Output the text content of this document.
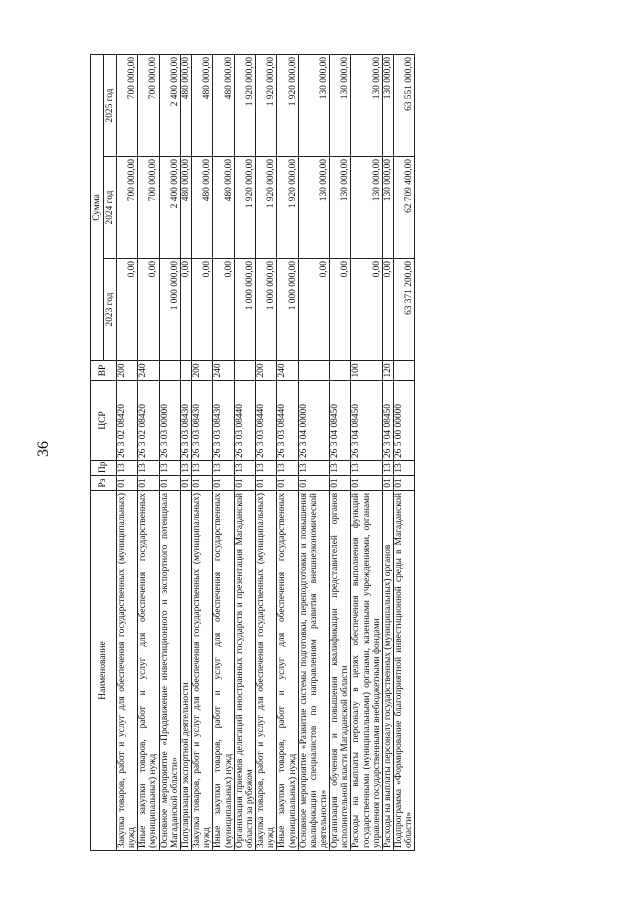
36
Наименование	Рз	Пр	ЦСР	ВР	Сумма		
					2023 год	2024 год	2025 год
Закупка товаров, работ и услуг для обеспечения государственных (муниципальных) нужд	01	13	26 3 02 08420	200	0,00	700 000,00	700 000,00
Иные закупки товаров, работ и услуг для обеспечения государственных (муниципальных) нужд	01	13	26 3 02 08420	240	0,00	700 000,00	700 000,00
Основное мероприятие «Продвижение инвестиционного и экспортного потенциала Магаданской области»	01	13	26 3 03 00000		1 000 000,00	2 400 000,00	2 400 000,00
Популяризация экспортной деятельности	01	13	26 3 03 08430		0,00	480 000,00	480 000,00
Закупка товаров, работ и услуг для обеспечения государственных (муниципальных) нужд	01	13	26 3 03 08430	200	0,00	480 000,00	480 000,00
Иные закупки товаров, работ и услуг для обеспечения государственных (муниципальных) нужд	01	13	26 3 03 08430	240	0,00	480 000,00	480 000,00
Организация приемов делегаций иностранных государств и презентация Магаданской области за рубежом	01	13	26 3 03 08440		1 000 000,00	1 920 000,00	1 920 000,00
Закупка товаров, работ и услуг для обеспечения государственных (муниципальных) нужд	01	13	26 3 03 08440	200	1 000 000,00	1 920 000,00	1 920 000,00
Иные закупки товаров, работ и услуг для обеспечения государственных (муниципальных) нужд	01	13	26 3 03 08440	240	1 000 000,00	1 920 000,00	1 920 000,00
Основное мероприятие «Развитие системы подготовки, переподготовки и повышения квалификации специалистов по направлениям развития внешнеэкономической деятельности»	01	13	26 3 04 00000		0,00	130 000,00	130 000,00
Организация обучения и повышения квалификации представителей органов исполнительной власти Магаданской области	01	13	26 3 04 08450		0,00	130 000,00	130 000,00
Расходы на выплаты персоналу в целях обеспечения выполнения функций государственными (муниципальными) органами, казенными учреждениями, органами управления государственными внебюджетными фондами	01	13	26 3 04 08450	100	0,00	130 000,00	130 000,00
Расходы на выплаты персоналу государственных (муниципальных) органов	01	13	26 3 04 08450	120	0,00	130 000,00	130 000,00
Подпрограмма «Формирование благоприятной инвестиционной среды в Магаданской области»	01	13	26 5 00 00000		63 371 200,00	62 709 400,00	63 551 000,00
